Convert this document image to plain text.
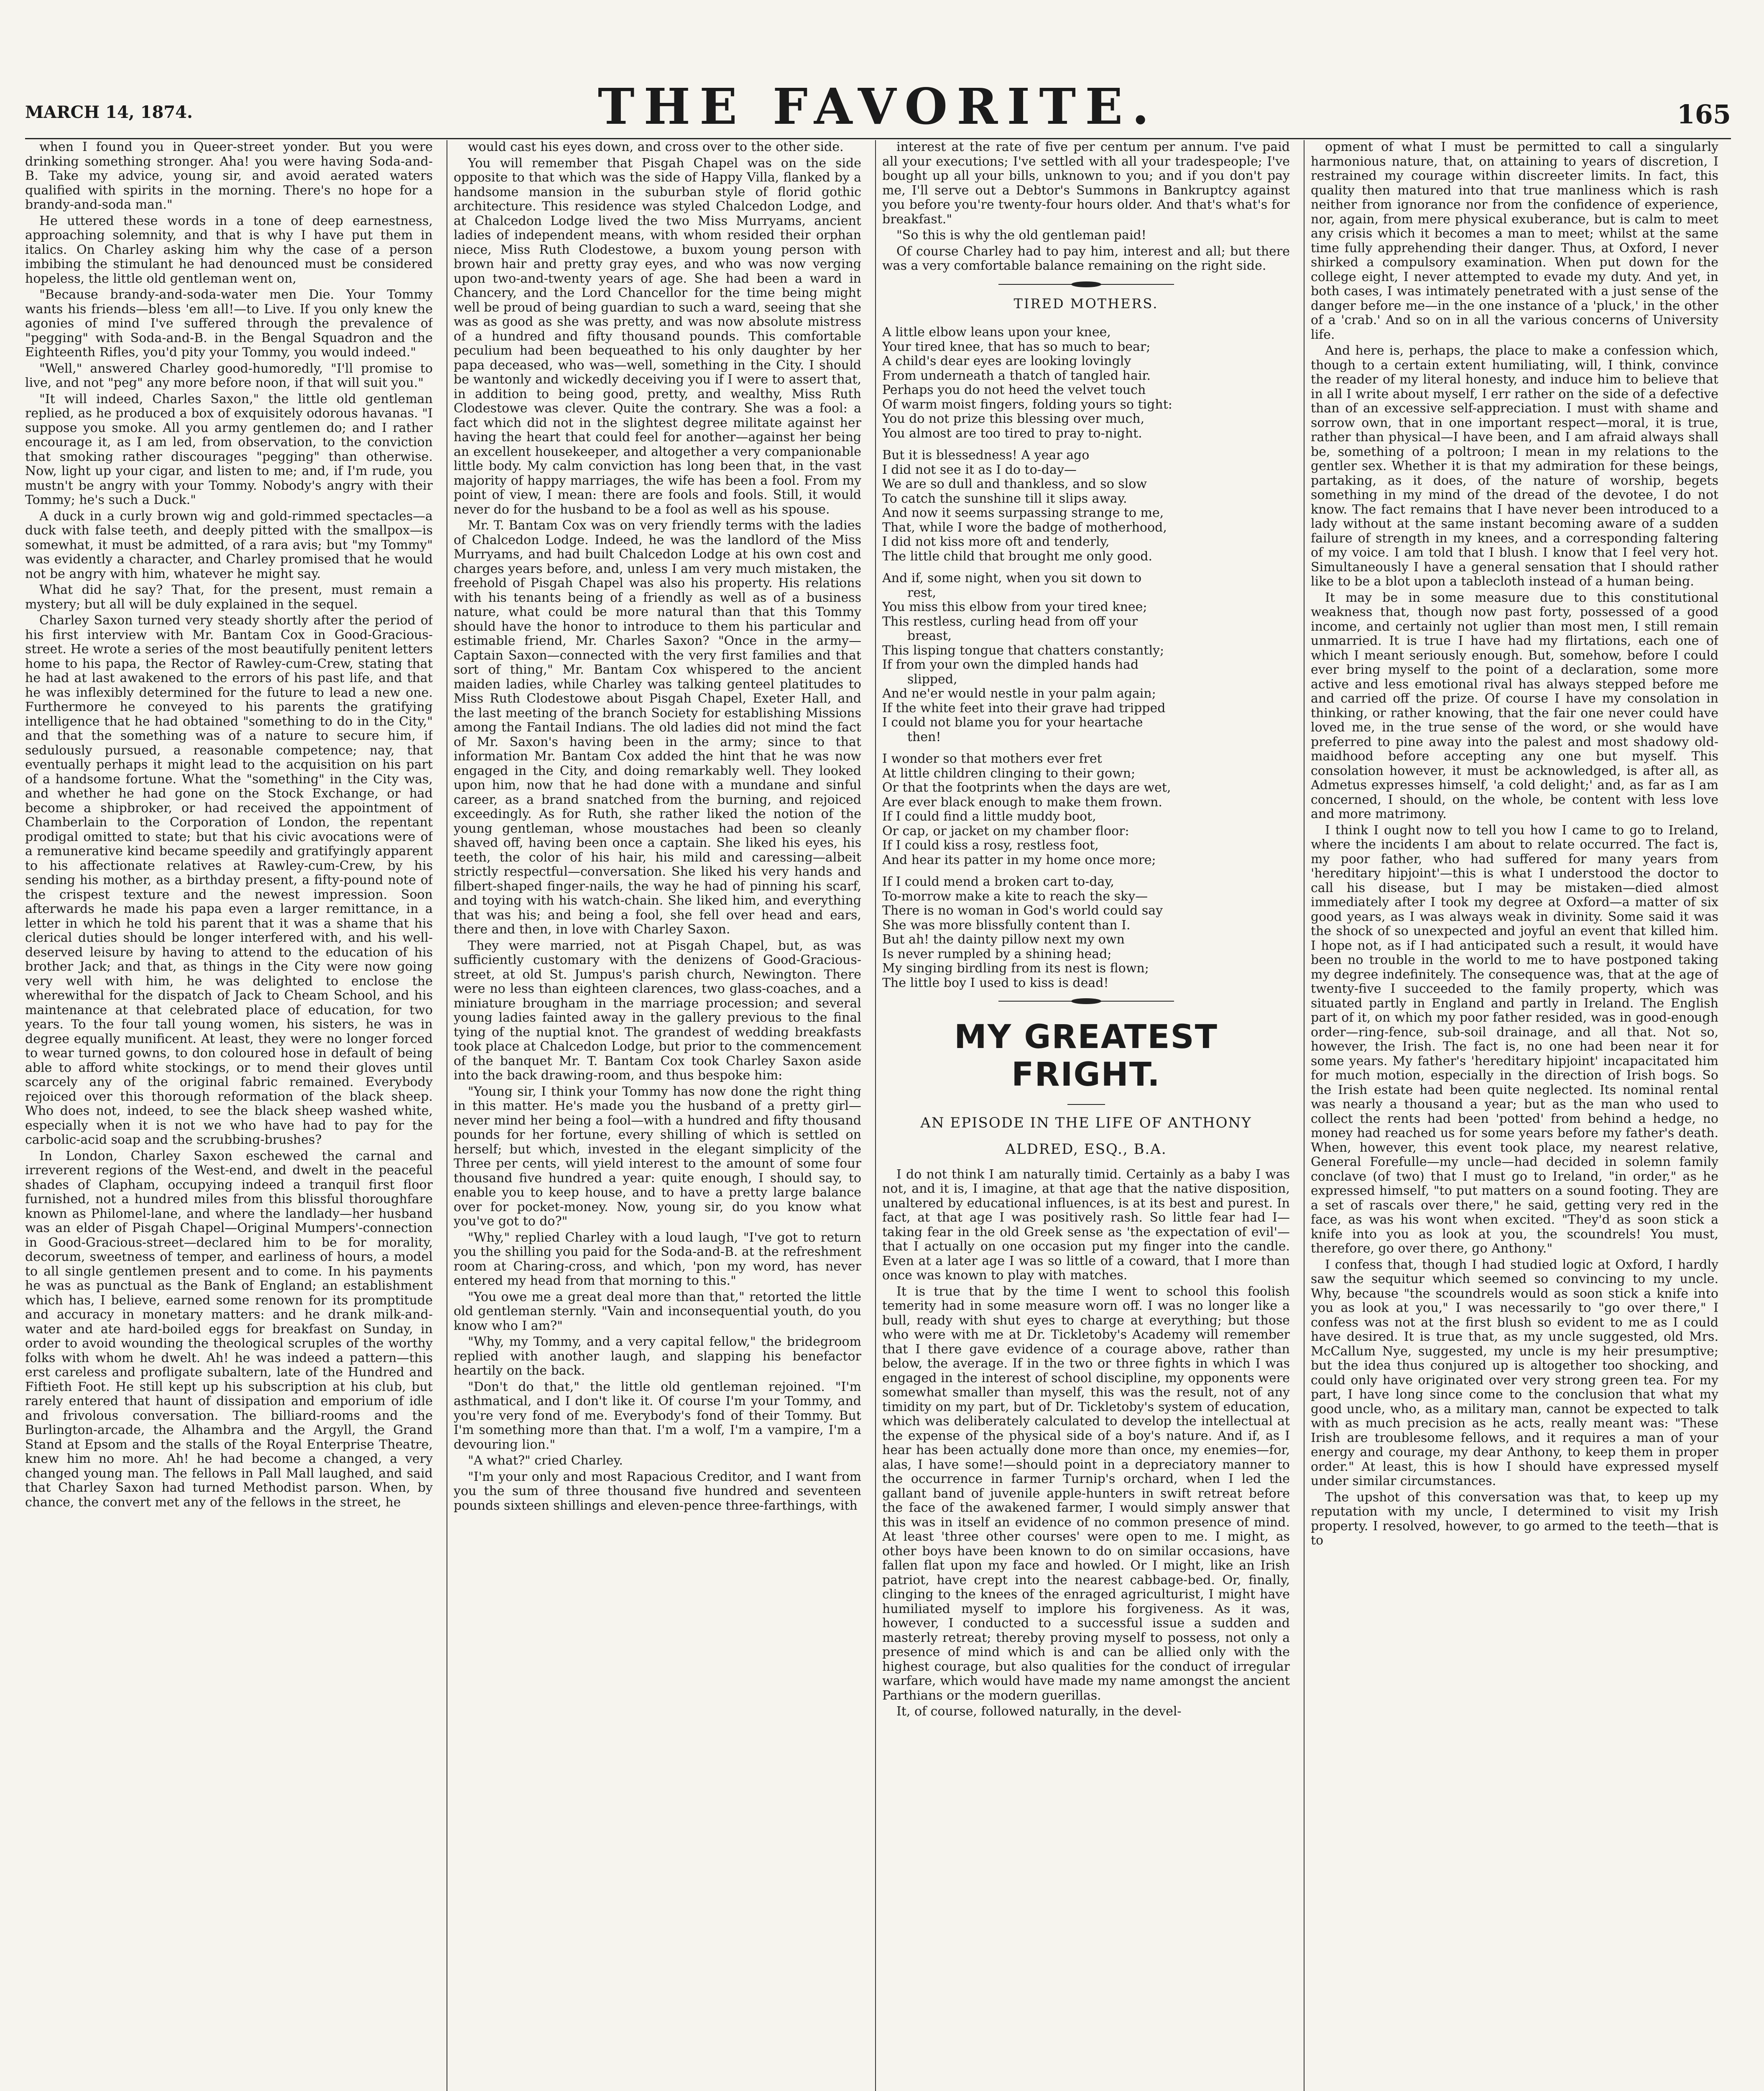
MARCH 14, 1874.	THE FAVORITE.	165

when I found you in Queer-street yonder. But you were drinking something stronger. Aha! you were having Soda-and-B. Take my advice, young sir, and avoid aerated waters qualified with spirits in the morning. There's no hope for a brandy-and-soda man."

He uttered these words in a tone of deep earnestness, approaching solemnity, and that is why I have put them in italics. On Charley asking him why the case of a person imbibing the stimulant he had denounced must be considered hopeless, the little old gentleman went on,

"Because brandy-and-soda-water men Die. Your Tommy wants his friends—bless 'em all!—to Live. If you only knew the agonies of mind I've suffered through the prevalence of "pegging" with Soda-and-B. in the Bengal Squadron and the Eighteenth Rifles, you'd pity your Tommy, you would indeed."

"Well," answered Charley good-humoredly, "I'll promise to live, and not "peg" any more before noon, if that will suit you."

"It will indeed, Charles Saxon," the little old gentleman replied, as he produced a box of exquisitely odorous havanas. "I suppose you smoke. All you army gentlemen do; and I rather encourage it, as I am led, from observation, to the conviction that smoking rather discourages "pegging" than otherwise. Now, light up your cigar, and listen to me; and, if I'm rude, you mustn't be angry with your Tommy. Nobody's angry with their Tommy; he's such a Duck."

A duck in a curly brown wig and gold-rimmed spectacles—a duck with false teeth, and deeply pitted with the smallpox—is somewhat, it must be admitted, of a rara avis; but "my Tommy" was evidently a character, and Charley promised that he would not be angry with him, whatever he might say.

What did he say? That, for the present, must remain a mystery; but all will be duly explained in the sequel.

Charley Saxon turned very steady shortly after the period of his first interview with Mr. Bantam Cox in Good-Gracious-street. He wrote a series of the most beautifully penitent letters home to his papa, the Rector of Rawley-cum-Crew, stating that he had at last awakened to the errors of his past life, and that he was inflexibly determined for the future to lead a new one. Furthermore he conveyed to his parents the gratifying intelligence that he had obtained "something to do in the City," and that the something was of a nature to secure him, if sedulously pursued, a reasonable competence; nay, that eventually perhaps it might lead to the acquisition on his part of a handsome fortune. What the "something" in the City was, and whether he had gone on the Stock Exchange, or had become a shipbroker, or had received the appointment of Chamberlain to the Corporation of London, the repentant prodigal omitted to state; but that his civic avocations were of a remunerative kind became speedily and gratifyingly apparent to his affectionate relatives at Rawley-cum-Crew, by his sending his mother, as a birthday present, a fifty-pound note of the crispest texture and the newest impression. Soon afterwards he made his papa even a larger remittance, in a letter in which he told his parent that it was a shame that his clerical duties should be longer interfered with, and his well-deserved leisure by having to attend to the education of his brother Jack; and that, as things in the City were now going very well with him, he was delighted to enclose the wherewithal for the dispatch of Jack to Cheam School, and his maintenance at that celebrated place of education, for two years. To the four tall young women, his sisters, he was in degree equally munificent. At least, they were no longer forced to wear turned gowns, to don coloured hose in default of being able to afford white stockings, or to mend their gloves until scarcely any of the original fabric remained. Everybody rejoiced over this thorough reformation of the black sheep. Who does not, indeed, to see the black sheep washed white, especially when it is not we who have had to pay for the carbolic-acid soap and the scrubbing-brushes?

In London, Charley Saxon eschewed the carnal and irreverent regions of the West-end, and dwelt in the peaceful shades of Clapham, occupying indeed a tranquil first floor furnished, not a hundred miles from this blissful thoroughfare known as Philomel-lane, and where the landlady—her husband was an elder of Pisgah Chapel—Original Mumpers'-connection in Good-Gracious-street—declared him to be for morality, decorum, sweetness of temper, and earliness of hours, a model to all single gentlemen present and to come. In his payments he was as punctual as the Bank of England; an establishment which has, I believe, earned some renown for its promptitude and accuracy in monetary matters: and he drank milk-and-water and ate hard-boiled eggs for breakfast on Sunday, in order to avoid wounding the theological scruples of the worthy folks with whom he dwelt. Ah! he was indeed a pattern—this erst careless and profligate subaltern, late of the Hundred and Fiftieth Foot. He still kept up his subscription at his club, but rarely entered that haunt of dissipation and emporium of idle and frivolous conversation. The billiard-rooms and the Burlington-arcade, the Alhambra and the Argyll, the Grand Stand at Epsom and the stalls of the Royal Enterprise Theatre, knew him no more. Ah! he had become a changed, a very changed young man. The fellows in Pall Mall laughed, and said that Charley Saxon had turned Methodist parson. When, by chance, the convert met any of the fellows in the street, he

would cast his eyes down, and cross over to the other side.

You will remember that Pisgah Chapel was on the side opposite to that which was the side of Happy Villa, flanked by a handsome mansion in the suburban style of florid gothic architecture. This residence was styled Chalcedon Lodge, and at Chalcedon Lodge lived the two Miss Murryams, ancient ladies of independent means, with whom resided their orphan niece, Miss Ruth Clodestowe, a buxom young person with brown hair and pretty gray eyes, and who was now verging upon two-and-twenty years of age. She had been a ward in Chancery, and the Lord Chancellor for the time being might well be proud of being guardian to such a ward, seeing that she was as good as she was pretty, and was now absolute mistress of a hundred and fifty thousand pounds. This comfortable peculium had been bequeathed to his only daughter by her papa deceased, who was—well, something in the City. I should be wantonly and wickedly deceiving you if I were to assert that, in addition to being good, pretty, and wealthy, Miss Ruth Clodestowe was clever. Quite the contrary. She was a fool: a fact which did not in the slightest degree militate against her having the heart that could feel for another—against her being an excellent housekeeper, and altogether a very companionable little body. My calm conviction has long been that, in the vast majority of happy marriages, the wife has been a fool. From my point of view, I mean: there are fools and fools. Still, it would never do for the husband to be a fool as well as his spouse.

Mr. T. Bantam Cox was on very friendly terms with the ladies of Chalcedon Lodge. Indeed, he was the landlord of the Miss Murryams, and had built Chalcedon Lodge at his own cost and charges years before, and, unless I am very much mistaken, the freehold of Pisgah Chapel was also his property. His relations with his tenants being of a friendly as well as of a business nature, what could be more natural than that this Tommy should have the honor to introduce to them his particular and estimable friend, Mr. Charles Saxon? "Once in the army—Captain Saxon—connected with the very first families and that sort of thing," Mr. Bantam Cox whispered to the ancient maiden ladies, while Charley was talking genteel platitudes to Miss Ruth Clodestowe about Pisgah Chapel, Exeter Hall, and the last meeting of the branch Society for establishing Missions among the Fantail Indians. The old ladies did not mind the fact of Mr. Saxon's having been in the army; since to that information Mr. Bantam Cox added the hint that he was now engaged in the City, and doing remarkably well. They looked upon him, now that he had done with a mundane and sinful career, as a brand snatched from the burning, and rejoiced exceedingly. As for Ruth, she rather liked the notion of the young gentleman, whose moustaches had been so cleanly shaved off, having been once a captain. She liked his eyes, his teeth, the color of his hair, his mild and caressing—albeit strictly respectful—conversation. She liked his very hands and filbert-shaped finger-nails, the way he had of pinning his scarf, and toying with his watch-chain. She liked him, and everything that was his; and being a fool, she fell over head and ears, there and then, in love with Charley Saxon.

They were married, not at Pisgah Chapel, but, as was sufficiently customary with the denizens of Good-Gracious-street, at old St. Jumpus's parish church, Newington. There were no less than eighteen clarences, two glass-coaches, and a miniature brougham in the marriage procession; and several young ladies fainted away in the gallery previous to the final tying of the nuptial knot. The grandest of wedding breakfasts took place at Chalcedon Lodge, but prior to the commencement of the banquet Mr. T. Bantam Cox took Charley Saxon aside into the back drawing-room, and thus bespoke him:

"Young sir, I think your Tommy has now done the right thing in this matter. He's made you the husband of a pretty girl—never mind her being a fool—with a hundred and fifty thousand pounds for her fortune, every shilling of which is settled on herself; but which, invested in the elegant simplicity of the Three per cents, will yield interest to the amount of some four thousand five hundred a year: quite enough, I should say, to enable you to keep house, and to have a pretty large balance over for pocket-money. Now, young sir, do you know what you've got to do?"

"Why," replied Charley with a loud laugh, "I've got to return you the shilling you paid for the Soda-and-B. at the refreshment room at Charing-cross, and which, 'pon my word, has never entered my head from that morning to this."

"You owe me a great deal more than that," retorted the little old gentleman sternly. "Vain and inconsequential youth, do you know who I am?"

"Why, my Tommy, and a very capital fellow," the bridegroom replied with another laugh, and slapping his benefactor heartily on the back.

"Don't do that," the little old gentleman rejoined. "I'm asthmatical, and I don't like it. Of course I'm your Tommy, and you're very fond of me. Everybody's fond of their Tommy. But I'm something more than that. I'm a wolf, I'm a vampire, I'm a devouring lion."

"A what?" cried Charley.

"I'm your only and most Rapacious Creditor, and I want from you the sum of three thousand five hundred and seventeen pounds sixteen shillings and eleven-pence three-farthings, with

interest at the rate of five per centum per annum. I've paid all your executions; I've settled with all your tradespeople; I've bought up all your bills, unknown to you; and if you don't pay me, I'll serve out a Debtor's Summons in Bankruptcy against you before you're twenty-four hours older. And that's what's for breakfast."

"So this is why the old gentleman paid!

Of course Charley had to pay him, interest and all; but there was a very comfortable balance remaining on the right side.

TIRED MOTHERS.

A little elbow leans upon your knee,

Your tired knee, that has so much to bear;

A child's dear eyes are looking lovingly

From underneath a thatch of tangled hair.

Perhaps you do not heed the velvet touch

Of warm moist fingers, folding yours so tight:

You do not prize this blessing over much,

You almost are too tired to pray to-night.

But it is blessedness! A year ago

I did not see it as I do to-day—

We are so dull and thankless, and so slow

To catch the sunshine till it slips away.

And now it seems surpassing strange to me,

That, while I wore the badge of motherhood,

I did not kiss more oft and tenderly,

The little child that brought me only good.

And if, some night, when you sit down to

rest,

You miss this elbow from your tired knee;

This restless, curling head from off your

breast,

This lisping tongue that chatters constantly;

If from your own the dimpled hands had

slipped,

And ne'er would nestle in your palm again;

If the white feet into their grave had tripped

I could not blame you for your heartache

then!

I wonder so that mothers ever fret

At little children clinging to their gown;

Or that the footprints when the days are wet,

Are ever black enough to make them frown.

If I could find a little muddy boot,

Or cap, or jacket on my chamber floor:

If I could kiss a rosy, restless foot,

And hear its patter in my home once more;

If I could mend a broken cart to-day,

To-morrow make a kite to reach the sky—

There is no woman in God's world could say

She was more blissfully content than I.

But ah! the dainty pillow next my own

Is never rumpled by a shining head;

My singing birdling from its nest is flown;

The little boy I used to kiss is dead!

MY GREATEST FRIGHT.
AN EPISODE IN THE LIFE OF ANTHONY
ALDRED, ESQ., B.A.

I do not think I am naturally timid. Certainly as a baby I was not, and it is, I imagine, at that age that the native disposition, unaltered by educational influences, is at its best and purest. In fact, at that age I was positively rash. So little fear had I—taking fear in the old Greek sense as 'the expectation of evil'—that I actually on one occasion put my finger into the candle. Even at a later age I was so little of a coward, that I more than once was known to play with matches.

It is true that by the time I went to school this foolish temerity had in some measure worn off. I was no longer like a bull, ready with shut eyes to charge at everything; but those who were with me at Dr. Tickletoby's Academy will remember that I there gave evidence of a courage above, rather than below, the average. If in the two or three fights in which I was engaged in the interest of school discipline, my opponents were somewhat smaller than myself, this was the result, not of any timidity on my part, but of Dr. Tickletoby's system of education, which was deliberately calculated to develop the intellectual at the expense of the physical side of a boy's nature. And if, as I hear has been actually done more than once, my enemies—for, alas, I have some!—should point in a depreciatory manner to the occurrence in farmer Turnip's orchard, when I led the gallant band of juvenile apple-hunters in swift retreat before the face of the awakened farmer, I would simply answer that this was in itself an evidence of no common presence of mind. At least 'three other courses' were open to me. I might, as other boys have been known to do on similar occasions, have fallen flat upon my face and howled. Or I might, like an Irish patriot, have crept into the nearest cabbage-bed. Or, finally, clinging to the knees of the enraged agriculturist, I might have humiliated myself to implore his forgiveness. As it was, however, I conducted to a successful issue a sudden and masterly retreat; thereby proving myself to possess, not only a presence of mind which is and can be allied only with the highest courage, but also qualities for the conduct of irregular warfare, which would have made my name amongst the ancient Parthians or the modern guerillas.

It, of course, followed naturally, in the devel-

opment of what I must be permitted to call a singularly harmonious nature, that, on attaining to years of discretion, I restrained my courage within discreeter limits. In fact, this quality then matured into that true manliness which is rash neither from ignorance nor from the confidence of experience, nor, again, from mere physical exuberance, but is calm to meet any crisis which it becomes a man to meet; whilst at the same time fully apprehending their danger. Thus, at Oxford, I never shirked a compulsory examination. When put down for the college eight, I never attempted to evade my duty. And yet, in both cases, I was intimately penetrated with a just sense of the danger before me—in the one instance of a 'pluck,' in the other of a 'crab.' And so on in all the various concerns of University life.

And here is, perhaps, the place to make a confession which, though to a certain extent humiliating, will, I think, convince the reader of my literal honesty, and induce him to believe that in all I write about myself, I err rather on the side of a defective than of an excessive self-appreciation. I must with shame and sorrow own, that in one important respect—moral, it is true, rather than physical—I have been, and I am afraid always shall be, something of a poltroon; I mean in my relations to the gentler sex. Whether it is that my admiration for these beings, partaking, as it does, of the nature of worship, begets something in my mind of the dread of the devotee, I do not know. The fact remains that I have never been introduced to a lady without at the same instant becoming aware of a sudden failure of strength in my knees, and a corresponding faltering of my voice. I am told that I blush. I know that I feel very hot. Simultaneously I have a general sensation that I should rather like to be a blot upon a tablecloth instead of a human being.

It may be in some measure due to this constitutional weakness that, though now past forty, possessed of a good income, and certainly not uglier than most men, I still remain unmarried. It is true I have had my flirtations, each one of which I meant seriously enough. But, somehow, before I could ever bring myself to the point of a declaration, some more active and less emotional rival has always stepped before me and carried off the prize. Of course I have my consolation in thinking, or rather knowing, that the fair one never could have loved me, in the true sense of the word, or she would have preferred to pine away into the palest and most shadowy old-maidhood before accepting any one but myself. This consolation however, it must be acknowledged, is after all, as Admetus expresses himself, 'a cold delight;' and, as far as I am concerned, I should, on the whole, be content with less love and more matrimony.

I think I ought now to tell you how I came to go to Ireland, where the incidents I am about to relate occurred. The fact is, my poor father, who had suffered for many years from 'hereditary hipjoint'—this is what I understood the doctor to call his disease, but I may be mistaken—died almost immediately after I took my degree at Oxford—a matter of six good years, as I was always weak in divinity. Some said it was the shock of so unexpected and joyful an event that killed him. I hope not, as if I had anticipated such a result, it would have been no trouble in the world to me to have postponed taking my degree indefinitely. The consequence was, that at the age of twenty-five I succeeded to the family property, which was situated partly in England and partly in Ireland. The English part of it, on which my poor father resided, was in good-enough order—ring-fence, sub-soil drainage, and all that. Not so, however, the Irish. The fact is, no one had been near it for some years. My father's 'hereditary hipjoint' incapacitated him for much motion, especially in the direction of Irish bogs. So the Irish estate had been quite neglected. Its nominal rental was nearly a thousand a year; but as the man who used to collect the rents had been 'potted' from behind a hedge, no money had reached us for some years before my father's death. When, however, this event took place, my nearest relative, General Forefulle—my uncle—had decided in solemn family conclave (of two) that I must go to Ireland, "in order," as he expressed himself, "to put matters on a sound footing. They are a set of rascals over there," he said, getting very red in the face, as was his wont when excited. "They'd as soon stick a knife into you as look at you, the scoundrels! You must, therefore, go over there, go Anthony."

I confess that, though I had studied logic at Oxford, I hardly saw the sequitur which seemed so convincing to my uncle. Why, because "the scoundrels would as soon stick a knife into you as look at you," I was necessarily to "go over there," I confess was not at the first blush so evident to me as I could have desired. It is true that, as my uncle suggested, old Mrs. McCallum Nye, suggested, my uncle is my heir presumptive; but the idea thus conjured up is altogether too shocking, and could only have originated over very strong green tea. For my part, I have long since come to the conclusion that what my good uncle, who, as a military man, cannot be expected to talk with as much precision as he acts, really meant was: "These Irish are troublesome fellows, and it requires a man of your energy and courage, my dear Anthony, to keep them in proper order." At least, this is how I should have expressed myself under similar circumstances.

The upshot of this conversation was that, to keep up my reputation with my uncle, I determined to visit my Irish property. I resolved, however, to go armed to the teeth—that is to
